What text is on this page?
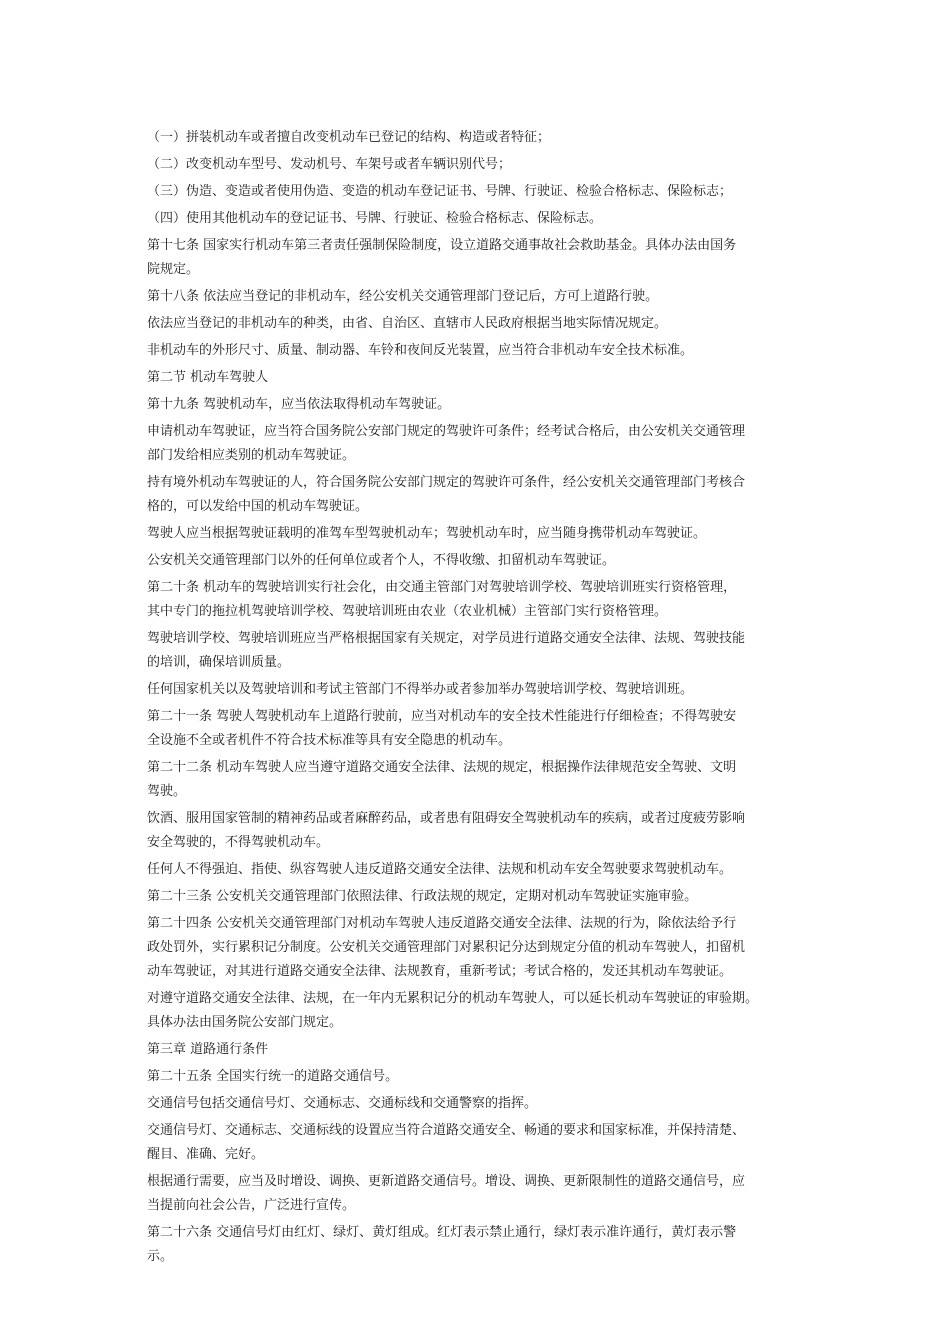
（一）拼装机动车或者擅自改变机动车已登记的结构、构造或者特征；
（二）改变机动车型号、发动机号、车架号或者车辆识别代号；
（三）伪造、变造或者使用伪造、变造的机动车登记证书、号牌、行驶证、检验合格标志、保险标志；
（四）使用其他机动车的登记证书、号牌、行驶证、检验合格标志、保险标志。
第十七条 国家实行机动车第三者责任强制保险制度，设立道路交通事故社会救助基金。具体办法由国务
院规定。
第十八条 依法应当登记的非机动车，经公安机关交通管理部门登记后，方可上道路行驶。
依法应当登记的非机动车的种类，由省、自治区、直辖市人民政府根据当地实际情况规定。
非机动车的外形尺寸、质量、制动器、车铃和夜间反光装置，应当符合非机动车安全技术标准。
第二节 机动车驾驶人
第十九条 驾驶机动车，应当依法取得机动车驾驶证。
申请机动车驾驶证，应当符合国务院公安部门规定的驾驶许可条件；经考试合格后，由公安机关交通管理
部门发给相应类别的机动车驾驶证。
持有境外机动车驾驶证的人，符合国务院公安部门规定的驾驶许可条件，经公安机关交通管理部门考核合
格的，可以发给中国的机动车驾驶证。
驾驶人应当根据驾驶证载明的准驾车型驾驶机动车；驾驶机动车时，应当随身携带机动车驾驶证。
公安机关交通管理部门以外的任何单位或者个人，不得收缴、扣留机动车驾驶证。
第二十条 机动车的驾驶培训实行社会化，由交通主管部门对驾驶培训学校、驾驶培训班实行资格管理，
其中专门的拖拉机驾驶培训学校、驾驶培训班由农业（农业机械）主管部门实行资格管理。
驾驶培训学校、驾驶培训班应当严格根据国家有关规定，对学员进行道路交通安全法律、法规、驾驶技能
的培训，确保培训质量。
任何国家机关以及驾驶培训和考试主管部门不得举办或者参加举办驾驶培训学校、驾驶培训班。
第二十一条 驾驶人驾驶机动车上道路行驶前，应当对机动车的安全技术性能进行仔细检查；不得驾驶安
全设施不全或者机件不符合技术标准等具有安全隐患的机动车。
第二十二条 机动车驾驶人应当遵守道路交通安全法律、法规的规定，根据操作法律规范安全驾驶、文明
驾驶。
饮酒、服用国家管制的精神药品或者麻醉药品，或者患有阻碍安全驾驶机动车的疾病，或者过度疲劳影响
安全驾驶的，不得驾驶机动车。
任何人不得强迫、指使、纵容驾驶人违反道路交通安全法律、法规和机动车安全驾驶要求驾驶机动车。
第二十三条 公安机关交通管理部门依照法律、行政法规的规定，定期对机动车驾驶证实施审验。
第二十四条 公安机关交通管理部门对机动车驾驶人违反道路交通安全法律、法规的行为，除依法给予行
政处罚外，实行累积记分制度。公安机关交通管理部门对累积记分达到规定分值的机动车驾驶人，扣留机
动车驾驶证，对其进行道路交通安全法律、法规教育，重新考试；考试合格的，发还其机动车驾驶证。
对遵守道路交通安全法律、法规，在一年内无累积记分的机动车驾驶人，可以延长机动车驾驶证的审验期。
具体办法由国务院公安部门规定。
第三章 道路通行条件
第二十五条 全国实行统一的道路交通信号。
交通信号包括交通信号灯、交通标志、交通标线和交通警察的指挥。
交通信号灯、交通标志、交通标线的设置应当符合道路交通安全、畅通的要求和国家标准，并保持清楚、
醒目、准确、完好。
根据通行需要，应当及时增设、调换、更新道路交通信号。增设、调换、更新限制性的道路交通信号，应
当提前向社会公告，广泛进行宣传。
第二十六条 交通信号灯由红灯、绿灯、黄灯组成。红灯表示禁止通行，绿灯表示准许通行，黄灯表示警
示。
